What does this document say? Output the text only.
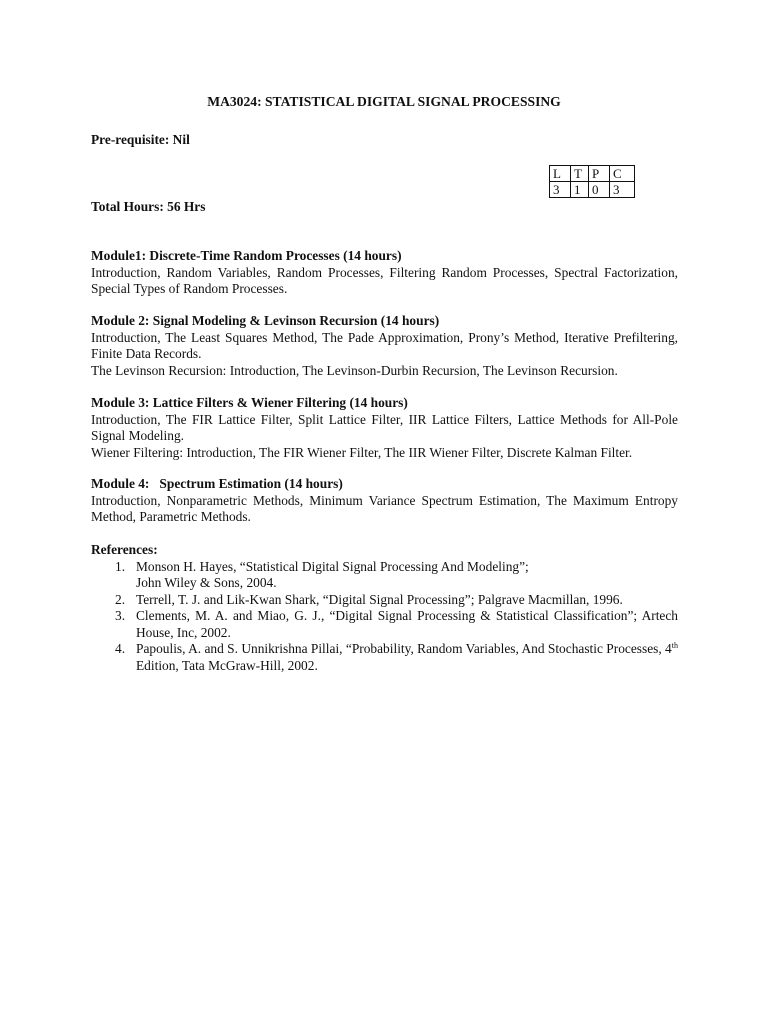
MA3024: STATISTICAL DIGITAL SIGNAL PROCESSING
Pre-requisite: Nil
L	T	P	C
3	1	0	3
Total Hours: 56 Hrs
Module1: Discrete-Time Random Processes (14 hours)
Introduction, Random Variables, Random Processes, Filtering Random Processes, Spectral Factorization, Special Types of Random Processes.
Module 2: Signal Modeling & Levinson Recursion (14 hours)
Introduction, The Least Squares Method, The Pade Approximation, Prony’s Method, Iterative Prefiltering, Finite Data Records.
The Levinson Recursion: Introduction, The Levinson-Durbin Recursion, The Levinson Recursion.
Module 3: Lattice Filters & Wiener Filtering (14 hours)
Introduction, The FIR Lattice Filter, Split Lattice Filter, IIR Lattice Filters, Lattice Methods for All-Pole Signal Modeling.
Wiener Filtering: Introduction, The FIR Wiener Filter, The IIR Wiener Filter, Discrete Kalman Filter.
Module 4:   Spectrum Estimation (14 hours)
Introduction, Nonparametric Methods, Minimum Variance Spectrum Estimation, The Maximum Entropy Method, Parametric Methods.
References:
1. Monson H. Hayes, “Statistical Digital Signal Processing And Modeling”;
John Wiley & Sons, 2004.
2. Terrell, T. J. and Lik-Kwan Shark, “Digital Signal Processing”; Palgrave Macmillan, 1996.
3. Clements, M. A. and Miao, G. J., “Digital Signal Processing & Statistical Classification”; Artech House, Inc, 2002.
4. Papoulis, A. and S. Unnikrishna Pillai, “Probability, Random Variables, And Stochastic Processes, 4th  Edition, Tata McGraw-Hill, 2002.
